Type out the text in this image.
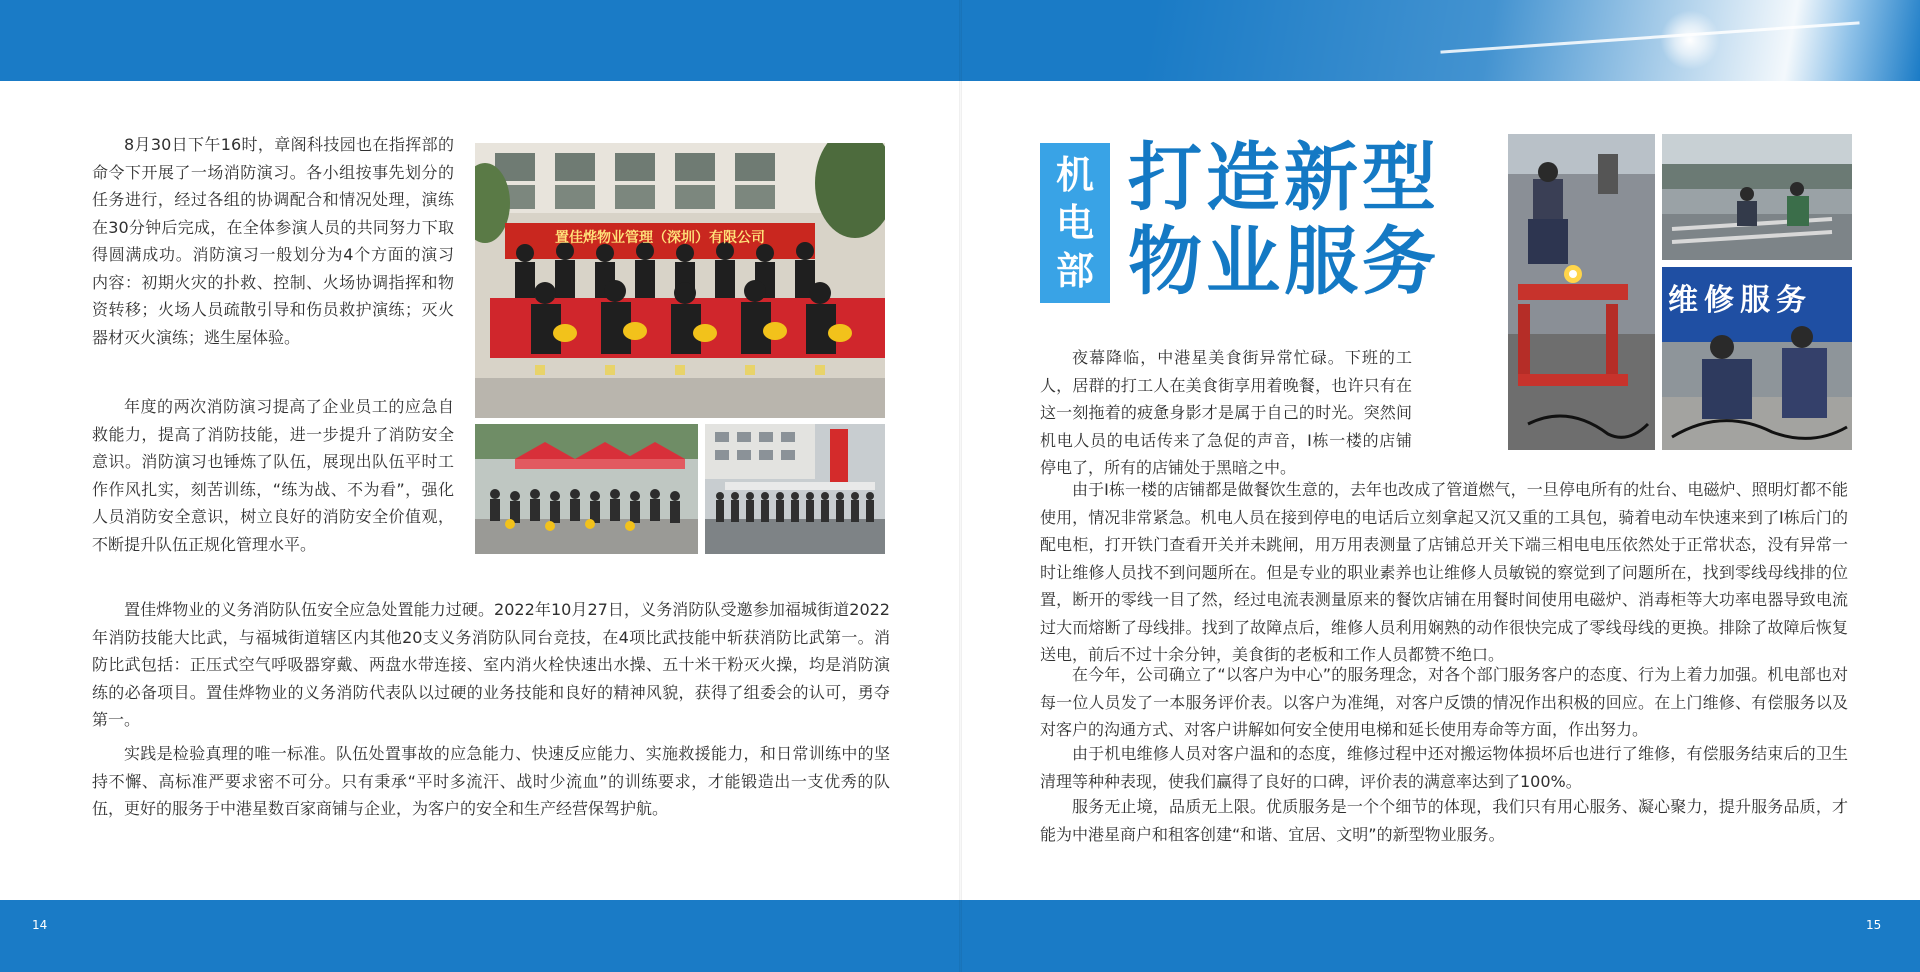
14	15
8月30日下午16时，章阁科技园也在指挥部的命令下开展了一场消防演习。各小组按事先划分的任务进行，经过各组的协调配合和情况处理，演练在30分钟后完成，在全体参演人员的共同努力下取得圆满成功。消防演习一般划分为4个方面的演习内容：初期火灾的扑救、控制、火场协调指挥和物资转移；火场人员疏散引导和伤员救护演练；灭火器材灭火演练；逃生屋体验。
年度的两次消防演习提高了企业员工的应急自救能力，提高了消防技能，进一步提升了消防安全意识。消防演习也锤炼了队伍，展现出队伍平时工作作风扎实，刻苦训练，“练为战、不为看”，强化人员消防安全意识，树立良好的消防安全价值观，不断提升队伍正规化管理水平。
置佳烨物业的义务消防队伍安全应急处置能力过硬。2022年10月27日，义务消防队受邀参加福城街道2022年消防技能大比武，与福城街道辖区内其他20支义务消防队同台竞技，在4项比武技能中斩获消防比武第一。消防比武包括：正压式空气呼吸器穿戴、两盘水带连接、室内消火栓快速出水操、五十米干粉灭火操，均是消防演练的必备项目。置佳烨物业的义务消防代表队以过硬的业务技能和良好的精神风貌，获得了组委会的认可，勇夺第一。
实践是检验真理的唯一标准。队伍处置事故的应急能力、快速反应能力、实施救援能力，和日常训练中的坚持不懈、高标准严要求密不可分。只有秉承“平时多流汗、战时少流血”的训练要求，才能锻造出一支优秀的队伍，更好的服务于中港星数百家商铺与企业，为客户的安全和生产经营保驾护航。
置佳烨物业管理（深圳）有限公司
机
电
部
打造新型
物业服务
夜幕降临，中港星美食街异常忙碌。下班的工人，居群的打工人在美食街享用着晚餐，也许只有在这一刻拖着的疲惫身影才是属于自己的时光。突然间机电人员的电话传来了急促的声音，I栋一楼的店铺停电了，所有的店铺处于黑暗之中。
由于I栋一楼的店铺都是做餐饮生意的，去年也改成了管道燃气，一旦停电所有的灶台、电磁炉、照明灯都不能使用，情况非常紧急。机电人员在接到停电的电话后立刻拿起又沉又重的工具包，骑着电动车快速来到了I栋后门的配电柜，打开铁门查看开关并未跳闸，用万用表测量了店铺总开关下端三相电电压依然处于正常状态，没有异常一时让维修人员找不到问题所在。但是专业的职业素养也让维修人员敏锐的察觉到了问题所在，找到零线母线排的位置，断开的零线一目了然，经过电流表测量原来的餐饮店铺在用餐时间使用电磁炉、消毒柜等大功率电器导致电流过大而熔断了母线排。找到了故障点后，维修人员利用娴熟的动作很快完成了零线母线的更换。排除了故障后恢复送电，前后不过十余分钟，美食街的老板和工作人员都赞不绝口。
在今年，公司确立了“以客户为中心”的服务理念，对各个部门服务客户的态度、行为上着力加强。机电部也对每一位人员发了一本服务评价表。以客户为准绳，对客户反馈的情况作出积极的回应。在上门维修、有偿服务以及对客户的沟通方式、对客户讲解如何安全使用电梯和延长使用寿命等方面，作出努力。
由于机电维修人员对客户温和的态度，维修过程中还对搬运物体损坏后也进行了维修，有偿服务结束后的卫生清理等种种表现，使我们赢得了良好的口碑，评价表的满意率达到了100%。
服务无止境，品质无上限。优质服务是一个个细节的体现，我们只有用心服务、凝心聚力，提升服务品质，才能为中港星商户和租客创建“和谐、宜居、文明”的新型物业服务。
维修服务
